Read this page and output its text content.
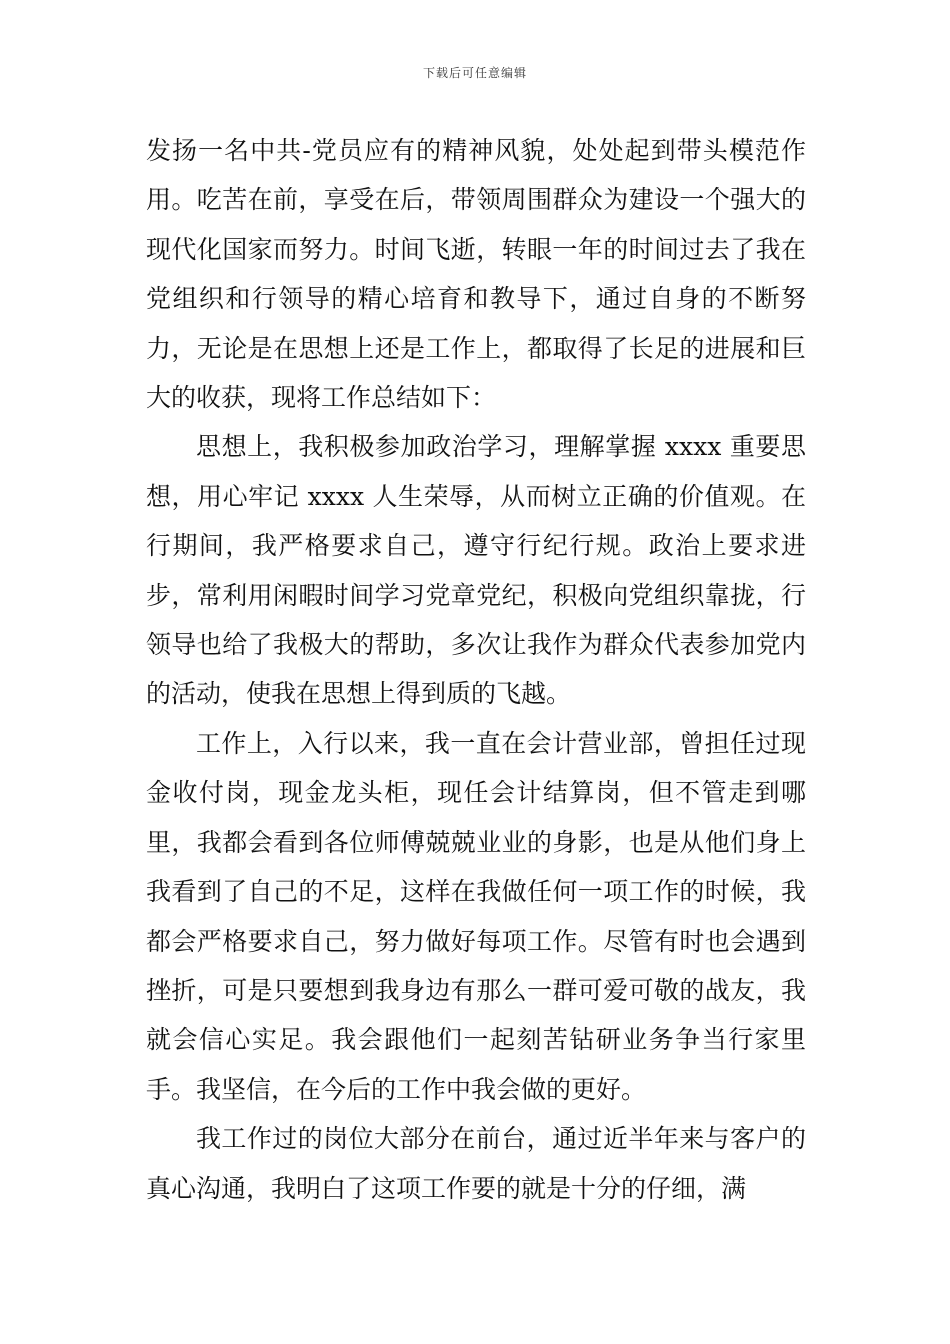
下载后可任意编辑

发扬一名中共-党员应有的精神风貌，处处起到带头模范作用。吃苦在前，享受在后，带领周围群众为建设一个强大的现代化国家而努力。时间飞逝，转眼一年的时间过去了我在党组织和行领导的精心培育和教导下，通过自身的不断努力，无论是在思想上还是工作上，都取得了长足的进展和巨大的收获，现将工作总结如下：

思想上，我积极参加政治学习，理解掌握 xxxx 重要思想，用心牢记 xxxx 人生荣辱，从而树立正确的价值观。在行期间，我严格要求自己，遵守行纪行规。政治上要求进步，常利用闲暇时间学习党章党纪，积极向党组织靠拢，行领导也给了我极大的帮助，多次让我作为群众代表参加党内的活动，使我在思想上得到质的飞越。

工作上，入行以来，我一直在会计营业部，曾担任过现金收付岗，现金龙头柜，现任会计结算岗，但不管走到哪里，我都会看到各位师傅兢兢业业的身影，也是从他们身上我看到了自己的不足，这样在我做任何一项工作的时候，我都会严格要求自己，努力做好每项工作。尽管有时也会遇到挫折，可是只要想到我身边有那么一群可爱可敬的战友，我就会信心实足。我会跟他们一起刻苦钻研业务争当行家里手。我坚信，在今后的工作中我会做的更好。

我工作过的岗位大部分在前台，通过近半年来与客户的真心沟通，我明白了这项工作要的就是十分的仔细，满
